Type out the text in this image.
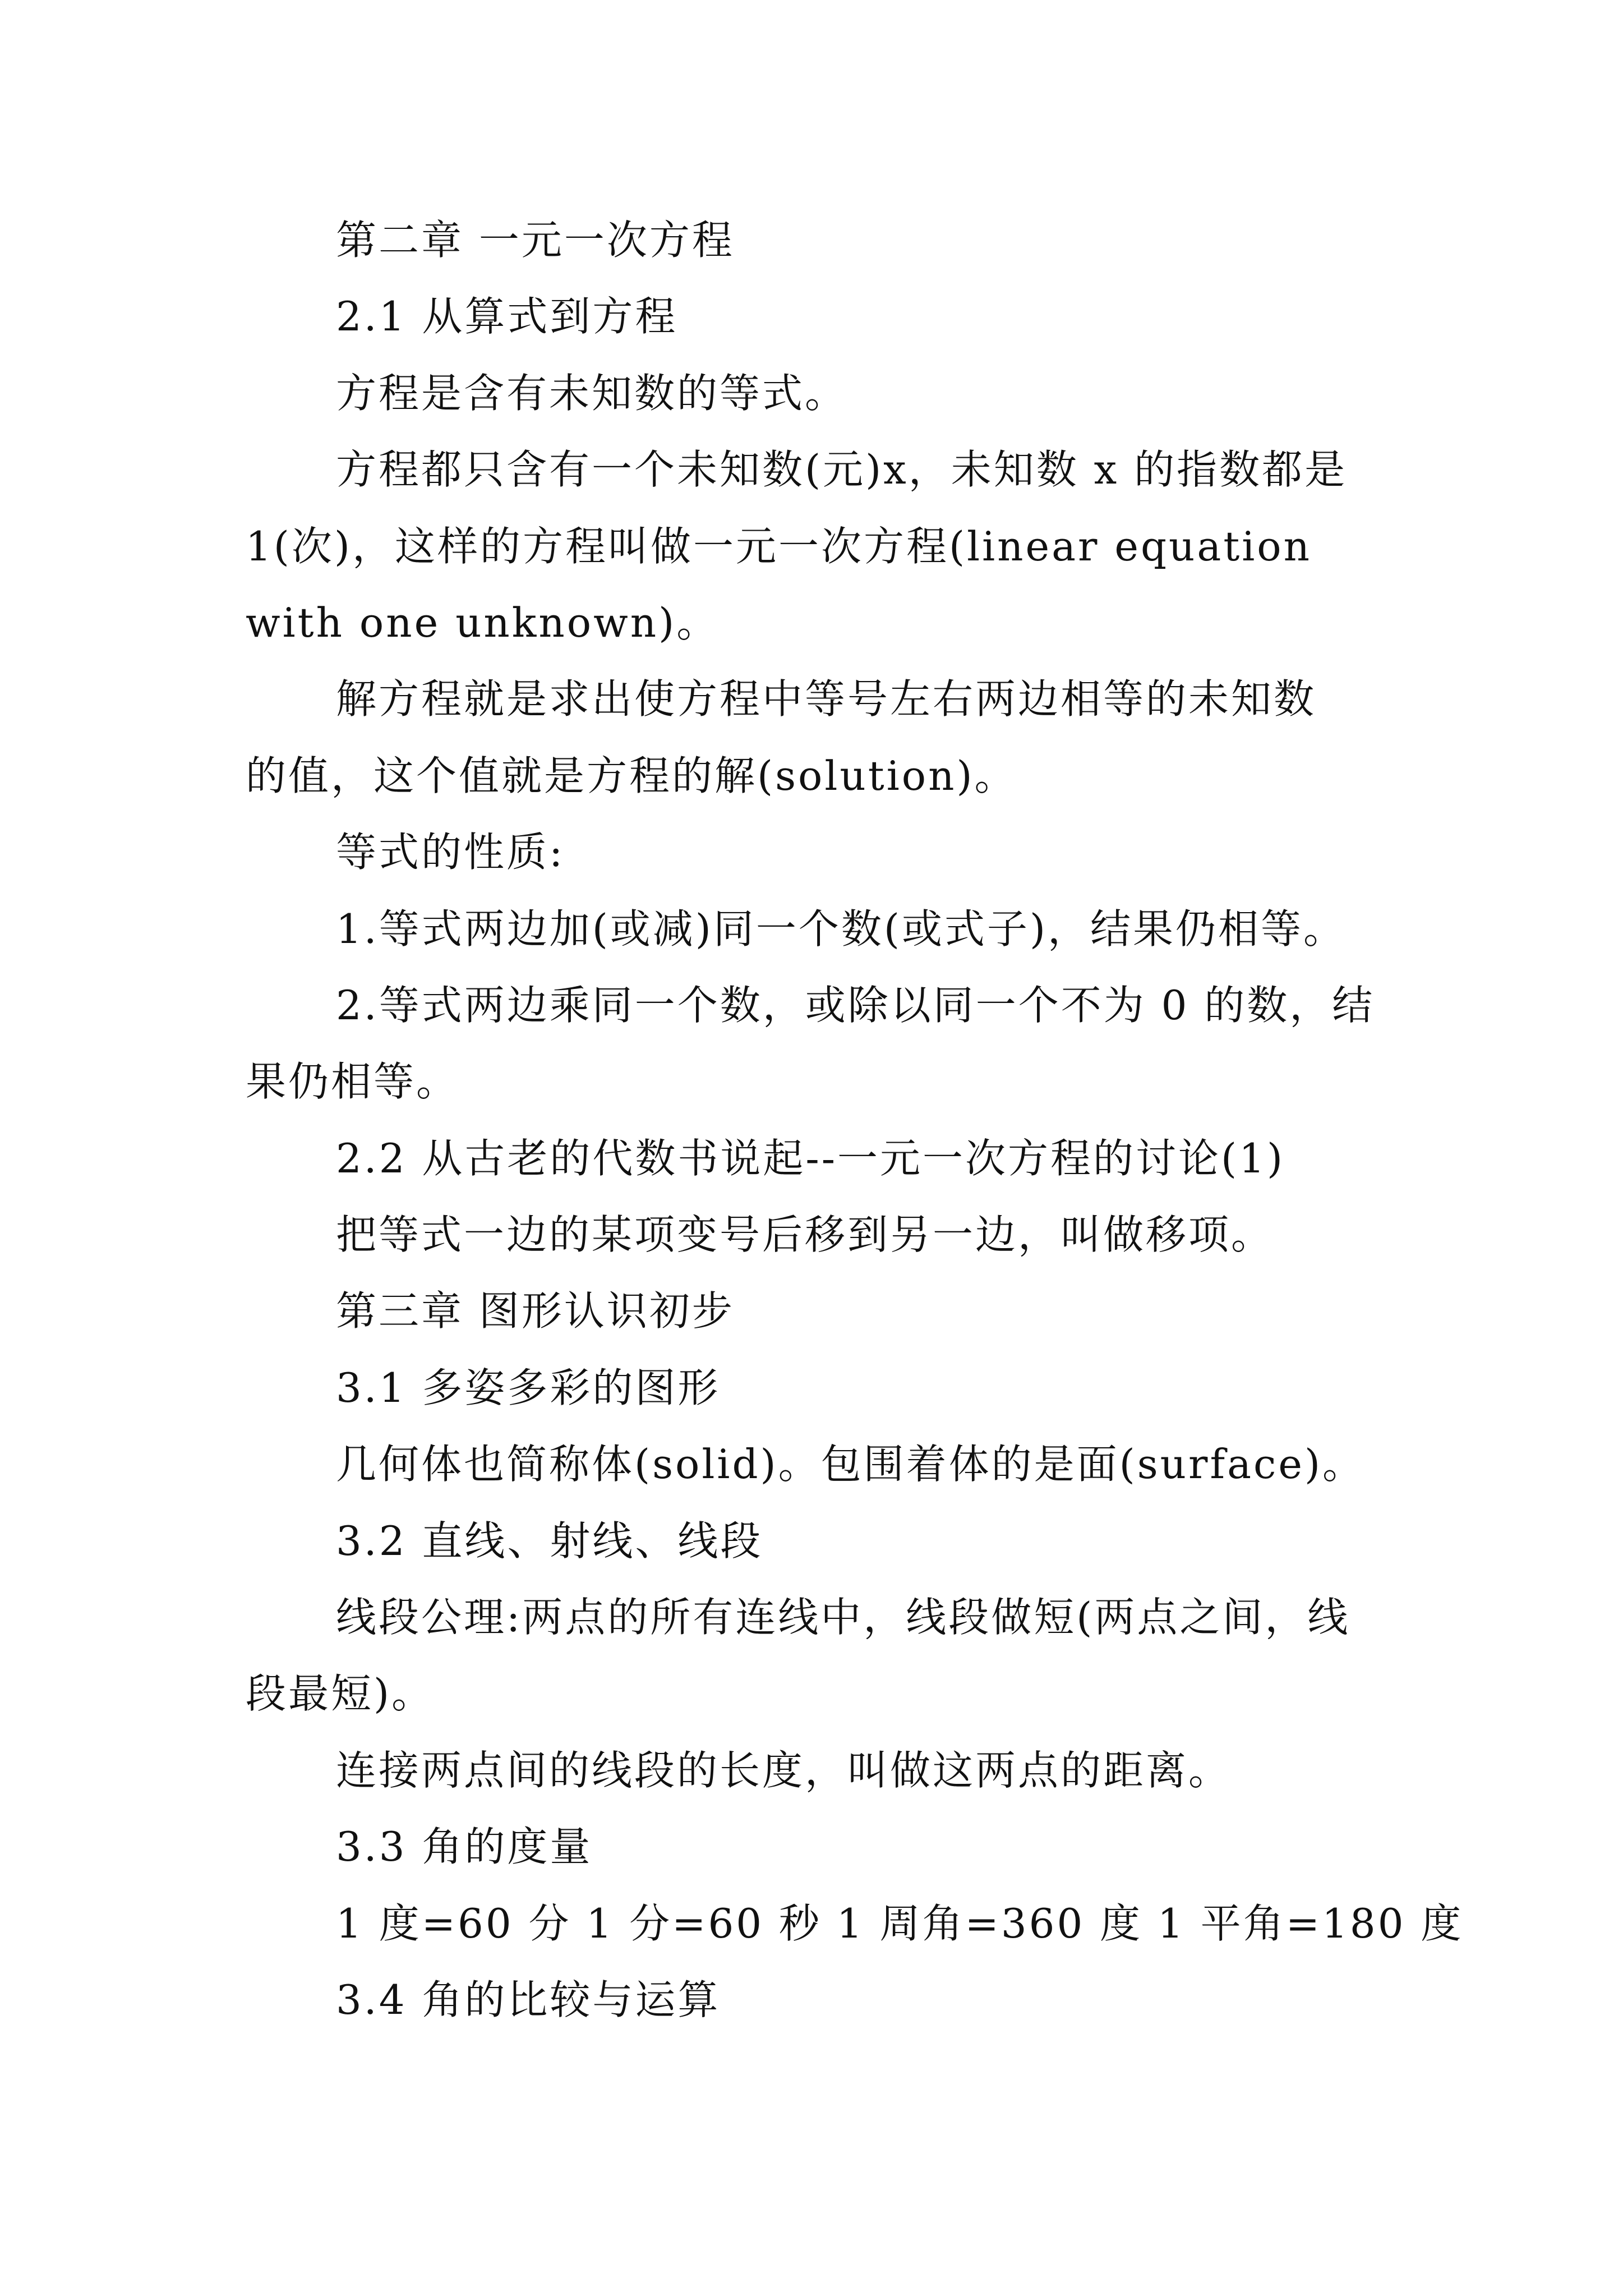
第二章 一元一次方程
2.1 从算式到方程
方程是含有未知数的等式。
方程都只含有一个未知数(元)x，未知数 x 的指数都是
1(次)，这样的方程叫做一元一次方程(linear equation
with one unknown)。
解方程就是求出使方程中等号左右两边相等的未知数
的值，这个值就是方程的解(solution)。
等式的性质:
1.等式两边加(或减)同一个数(或式子)，结果仍相等。
2.等式两边乘同一个数，或除以同一个不为 0 的数，结
果仍相等。
2.2 从古老的代数书说起--一元一次方程的讨论(1)
把等式一边的某项变号后移到另一边，叫做移项。
第三章 图形认识初步
3.1 多姿多彩的图形
几何体也简称体(solid)。包围着体的是面(surface)。
3.2 直线、射线、线段
线段公理:两点的所有连线中，线段做短(两点之间，线
段最短)。
连接两点间的线段的长度，叫做这两点的距离。
3.3 角的度量
1 度=60 分 1 分=60 秒 1 周角=360 度 1 平角=180 度
3.4 角的比较与运算
